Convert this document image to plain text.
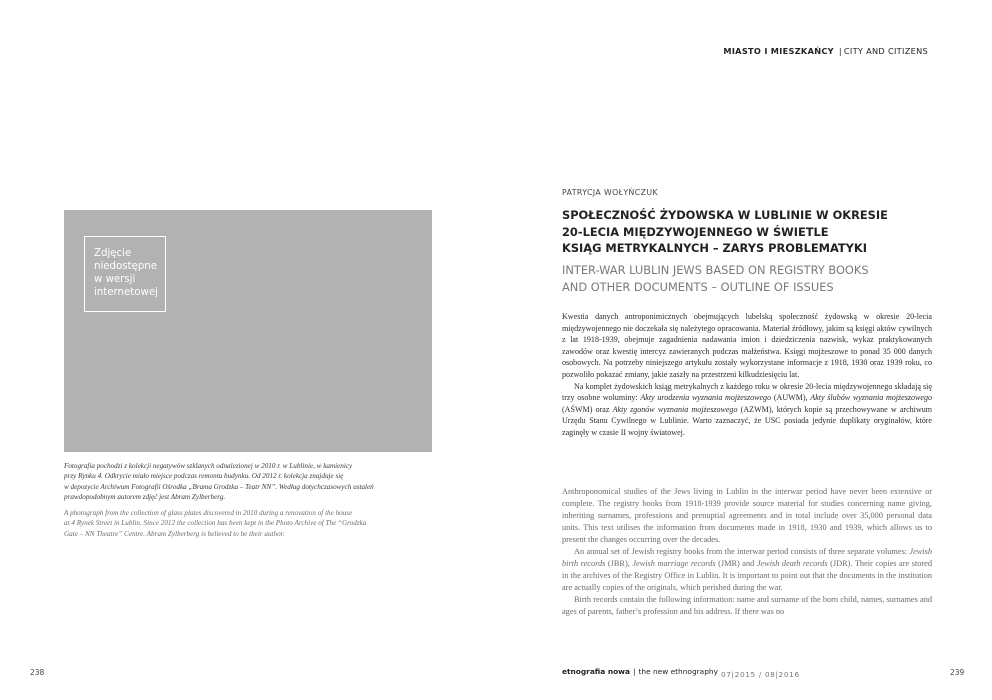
Zdjęcie
niedostępne
w wersji
internetowej
Fotografia pochodzi z kolekcji negatywów szklanych odnalezionej w 2010 r. w Lublinie, w kamienicy
przy Rynku 4. Odkrycie miało miejsce podczas remontu budynku. Od 2012 r. kolekcja znajduje się
w depozycie Archiwum Fotografii Ośrodka „Brama Grodzka – Teatr NN”. Według dotychczasowych ustaleń
prawdopodobnym autorem zdjęć jest Abram Zylberberg.
A photograph from the collection of glass plates discovered in 2010 during a renovation of the house
at 4 Rynek Street in Lublin. Since 2012 the collection has been kept in the Photo Archive of The “Grodzka
Gate – NN Theatre” Centre. Abram Zylberberg is believed to be their author.
238
MIASTO I MIESZKAŃCY | CITY AND CITIZENS
PATRYCJA WOŁYŃCZUK
SPOŁECZNOŚĆ ŻYDOWSKA W LUBLINIE W OKRESIE
20-LECIA MIĘDZYWOJENNEGO W ŚWIETLE
KSIĄG METRYKALNYCH – ZARYS PROBLEMATYKI
INTER-WAR LUBLIN JEWS BASED ON REGISTRY BOOKS
AND OTHER DOCUMENTS – OUTLINE OF ISSUES

Kwestia danych antroponimicznych obejmujących lubelską społeczność żydowską w okresie 20-lecia międzywojennego nie doczekała się należytego opracowania. Materiał źródłowy, jakim są księgi aktów cywilnych z lat 1918-1939, obejmuje zagadnienia nadawania imion i dziedziczenia nazwisk, wykaz praktykowanych zawodów oraz kwestię intercyz zawieranych podczas małżeństwa. Księgi mojżeszowe to ponad 35 000 danych osobowych. Na potrzeby niniejszego artykułu zostały wykorzystane informacje z 1918, 1930 oraz 1939 roku, co pozwoliło pokazać zmiany, jakie zaszły na przestrzeni kilkudziesięciu lat.

Na komplet żydowskich ksiąg metrykalnych z każdego roku w okresie 20-lecia międzywojennego składają się trzy osobne woluminy: Akty urodzenia wyznania mojżeszowego (AUWM), Akty ślubów wyznania mojżeszowego (AŚWM) oraz Akty zgonów wyznania mojżeszowego (AZWM), których kopie są przechowywane w archiwum Urzędu Stanu Cywilnego w Lublinie. Warto zaznaczyć, że USC posiada jedynie duplikaty oryginałów, które zaginęły w czasie II wojny światowej.

Anthroponomical studies of the Jews living in Lublin in the interwar period have never been extensive or complete. The registry books from 1918-1939 provide source material for studies concerning name giving, inheriting surnames, professions and prenuptial agreements and in total include over 35,000 personal data units. This text utilises the information from documents made in 1918, 1930 and 1939, which allows us to present the changes occurring over the decades.

An annual set of Jewish registry books from the interwar period consists of three separate volumes: Jewish birth records (JBR), Jewish marriage records (JMR) and Jewish death records (JDR). Their copies are stored in the archives of the Registry Office in Lublin. It is important to point out that the documents in the institution are actually copies of the originals, which perished during the war.

Birth records contain the following information: name and surname of the born child, names, surnames and ages of parents, father’s profession and his address. If there was no

etnografia nowa | the new ethnography 07|2015 / 08|2016	239
